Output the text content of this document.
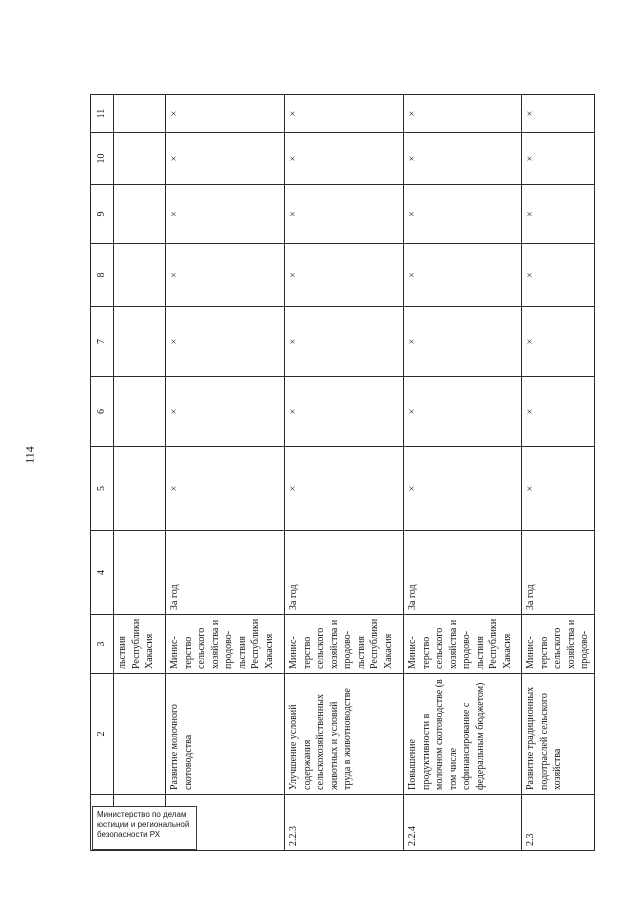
114
	2	3	4	5	6	7	8	9	10	11
		льствия Республики Хакасия								
	Развитие молочного скотоводства	Минис-терство сельского хозяйства и продово-льствия Республики Хакасия	За год	×	×	×	×	×	×	×
2.2.3	Улучшение условий содержания сельскохозяйственных животных и условий труда в животноводстве	Минис-терство сельского хозяйства и продово-льствия Республики Хакасия	За год	×	×	×	×	×	×	×
2.2.4	Повышение продуктивности в молочном скотоводстве (в том числе софинансирование с федеральным бюджетом)	Минис-терство сельского хозяйства и продово-льствия Республики Хакасия	За год	×	×	×	×	×	×	×
2.3	Развитие традиционных подотраслей сельского хозяйства	Минис-терство сельского хозяйства и продово-	За год	×	×	×	×	×	×	×
Министерство по делам
юстиции и региональной
безопасности РХ
